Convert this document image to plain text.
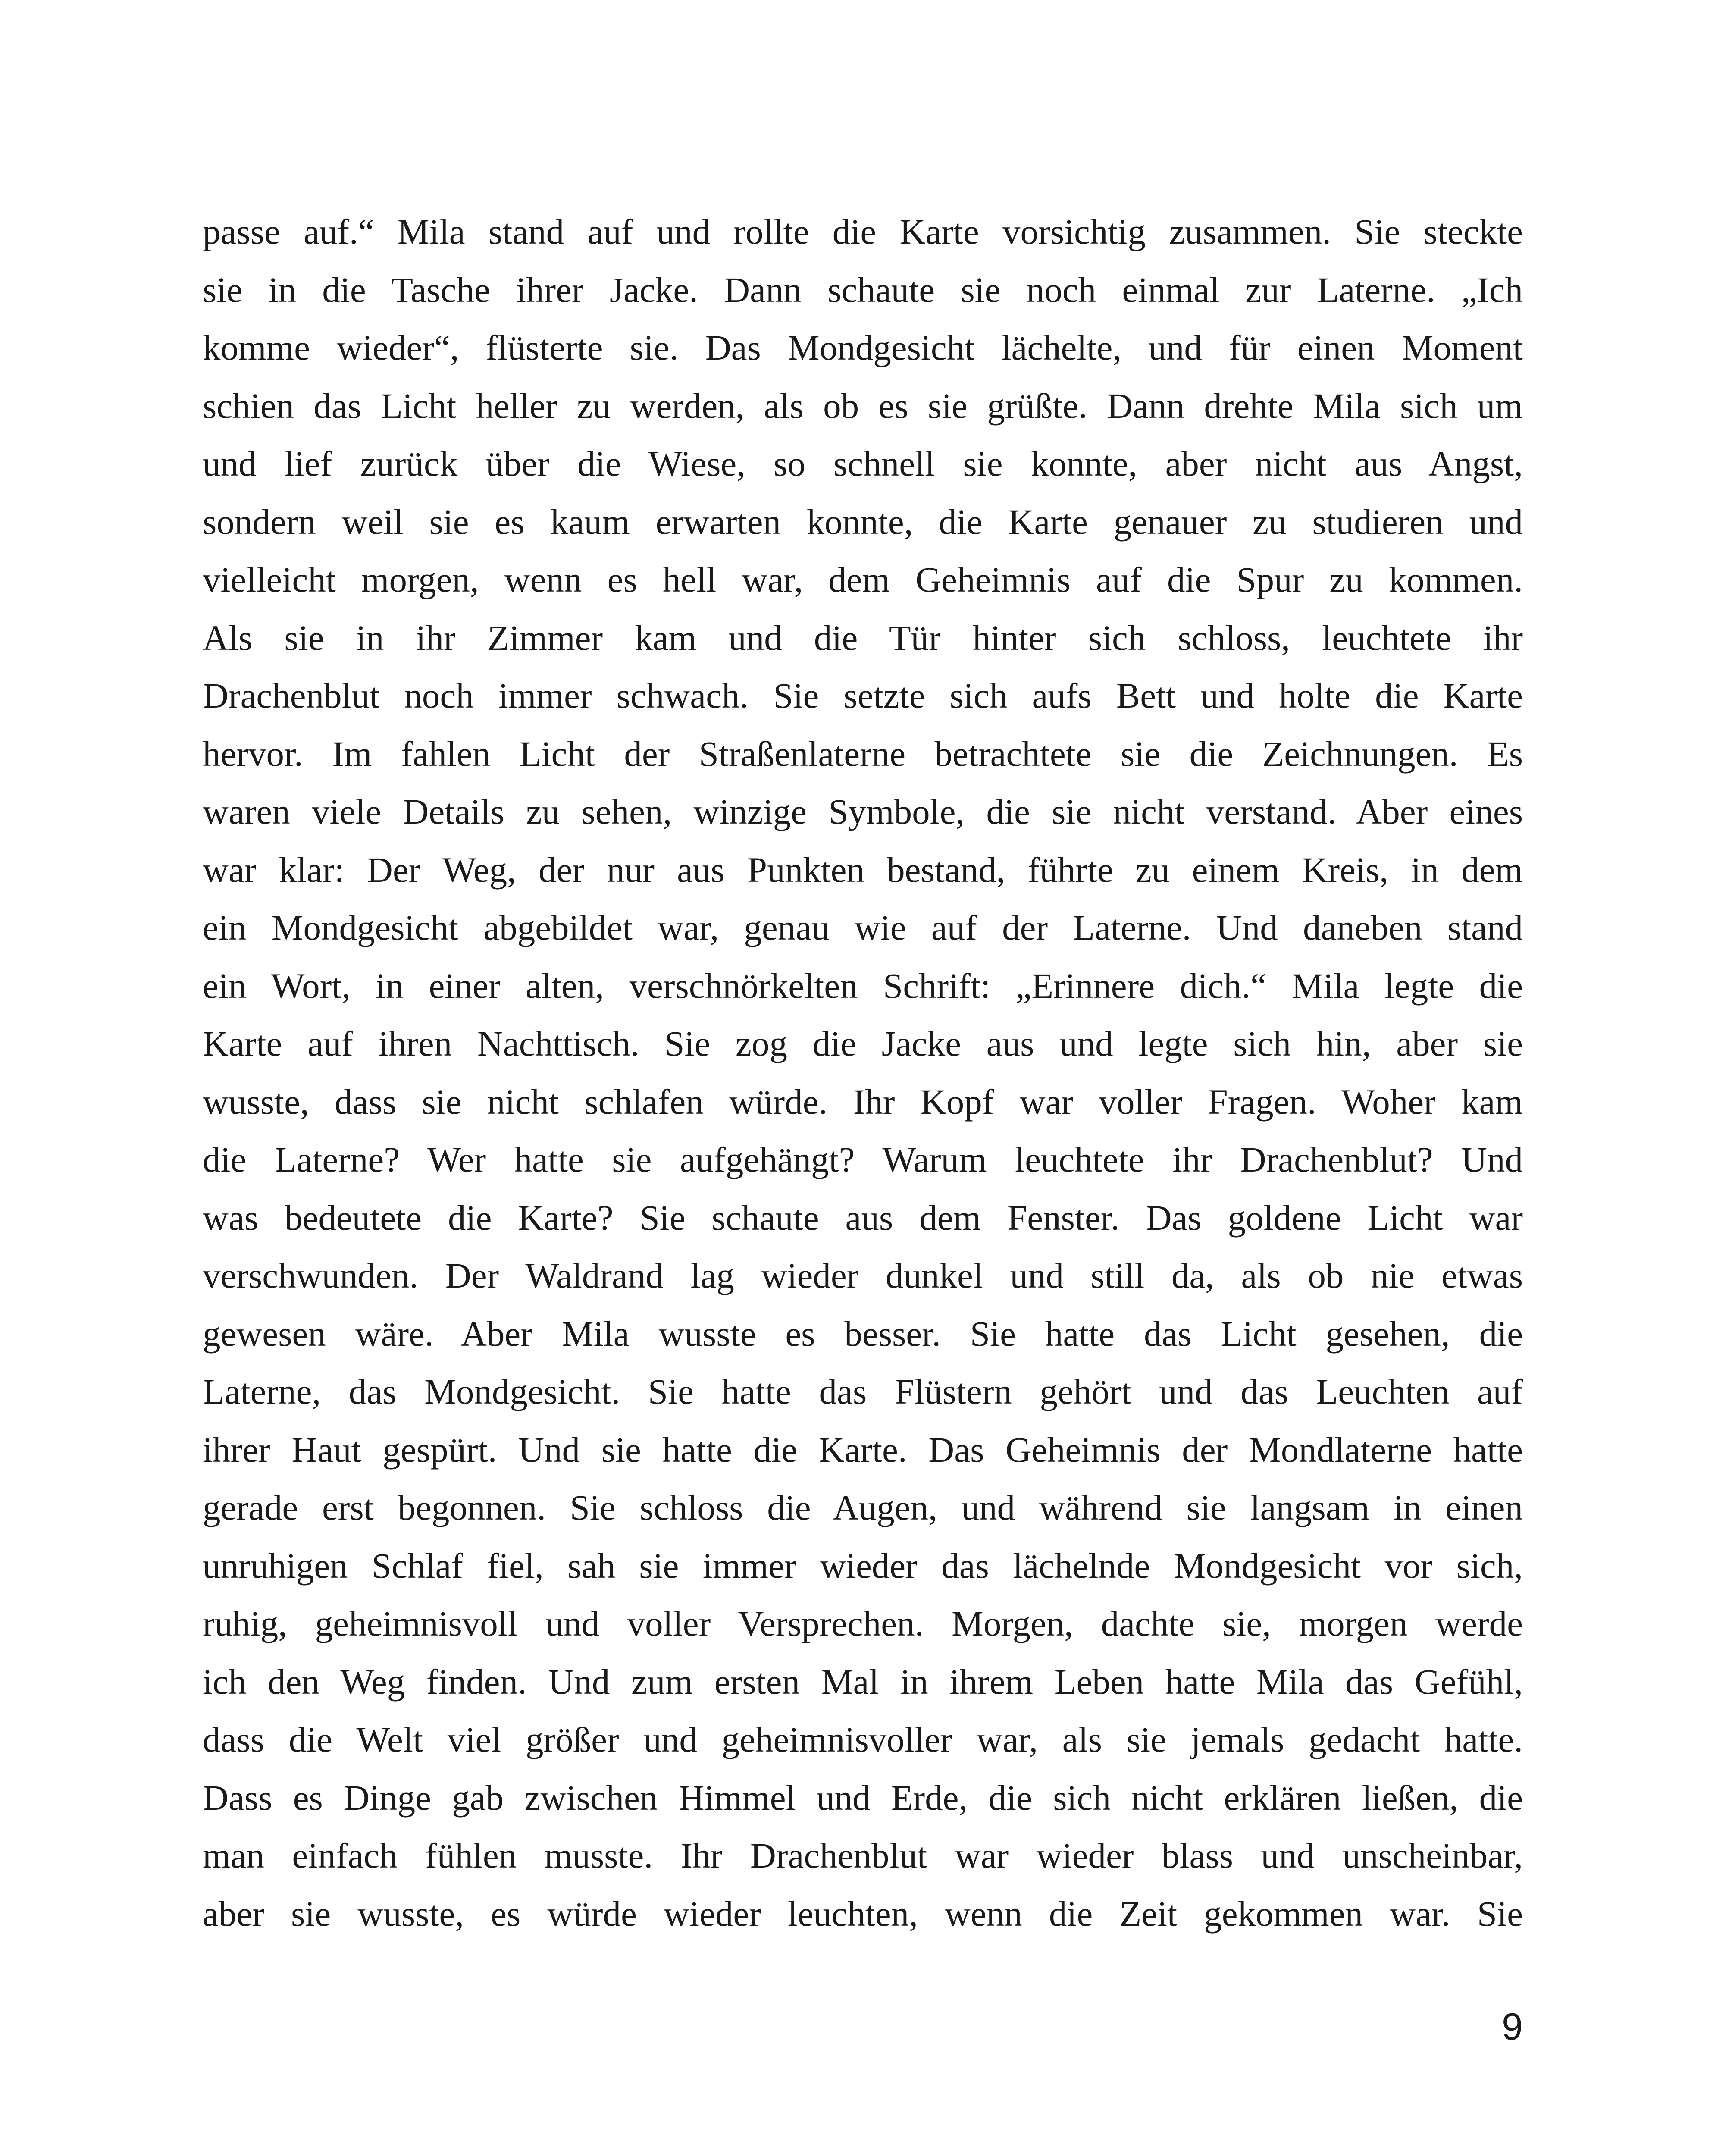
passe auf.“ Mila stand auf und rollte die Karte vorsichtig zusammen. Sie steckte
sie in die Tasche ihrer Jacke. Dann schaute sie noch einmal zur Laterne. „Ich
komme wieder“, flüsterte sie. Das Mondgesicht lächelte, und für einen Moment
schien das Licht heller zu werden, als ob es sie grüßte. Dann drehte Mila sich um
und lief zurück über die Wiese, so schnell sie konnte, aber nicht aus Angst,
sondern weil sie es kaum erwarten konnte, die Karte genauer zu studieren und
vielleicht morgen, wenn es hell war, dem Geheimnis auf die Spur zu kommen.
Als sie in ihr Zimmer kam und die Tür hinter sich schloss, leuchtete ihr
Drachenblut noch immer schwach. Sie setzte sich aufs Bett und holte die Karte
hervor. Im fahlen Licht der Straßenlaterne betrachtete sie die Zeichnungen. Es
waren viele Details zu sehen, winzige Symbole, die sie nicht verstand. Aber eines
war klar: Der Weg, der nur aus Punkten bestand, führte zu einem Kreis, in dem
ein Mondgesicht abgebildet war, genau wie auf der Laterne. Und daneben stand
ein Wort, in einer alten, verschnörkelten Schrift: „Erinnere dich.“ Mila legte die
Karte auf ihren Nachttisch. Sie zog die Jacke aus und legte sich hin, aber sie
wusste, dass sie nicht schlafen würde. Ihr Kopf war voller Fragen. Woher kam
die Laterne? Wer hatte sie aufgehängt? Warum leuchtete ihr Drachenblut? Und
was bedeutete die Karte? Sie schaute aus dem Fenster. Das goldene Licht war
verschwunden. Der Waldrand lag wieder dunkel und still da, als ob nie etwas
gewesen wäre. Aber Mila wusste es besser. Sie hatte das Licht gesehen, die
Laterne, das Mondgesicht. Sie hatte das Flüstern gehört und das Leuchten auf
ihrer Haut gespürt. Und sie hatte die Karte. Das Geheimnis der Mondlaterne hatte
gerade erst begonnen. Sie schloss die Augen, und während sie langsam in einen
unruhigen Schlaf fiel, sah sie immer wieder das lächelnde Mondgesicht vor sich,
ruhig, geheimnisvoll und voller Versprechen. Morgen, dachte sie, morgen werde
ich den Weg finden. Und zum ersten Mal in ihrem Leben hatte Mila das Gefühl,
dass die Welt viel größer und geheimnisvoller war, als sie jemals gedacht hatte.
Dass es Dinge gab zwischen Himmel und Erde, die sich nicht erklären ließen, die
man einfach fühlen musste. Ihr Drachenblut war wieder blass und unscheinbar,
aber sie wusste, es würde wieder leuchten, wenn die Zeit gekommen war. Sie
9
